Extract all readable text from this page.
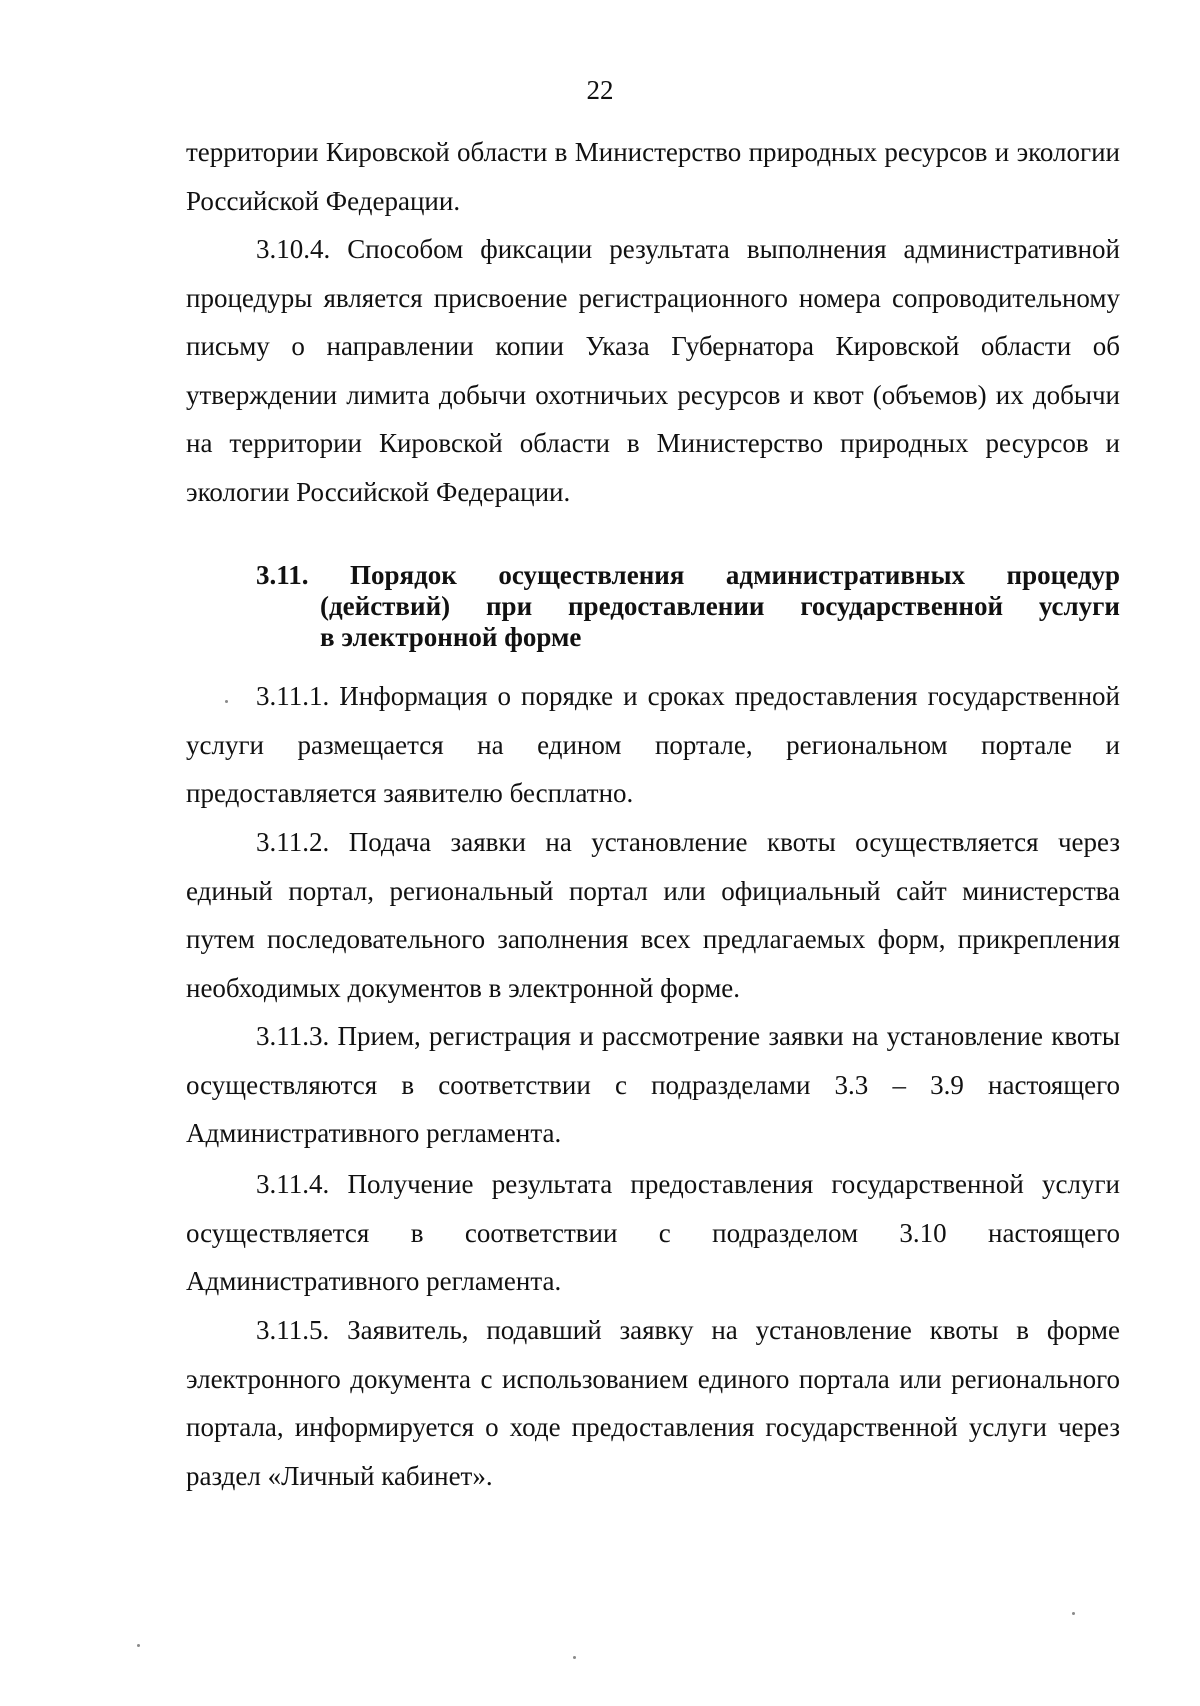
22

территории Кировской области в Министерство природных ресурсов и экологии Российской Федерации.

3.10.4. Способом фиксации результата выполнения административной процедуры является присвоение регистрационного номера сопроводительному письму о направлении копии Указа Губернатора Кировской области об утверждении лимита добычи охотничьих ресурсов и квот (объемов) их добычи на территории Кировской области в Министерство природных ресурсов и экологии Российской Федерации.

3.11. Порядок осуществления административных процедур
(действий) при предоставлении государственной услуги
в электронной форме

3.11.1. Информация о порядке и сроках предоставления государственной услуги размещается на едином портале, региональном портале и предоставляется заявителю бесплатно.

3.11.2. Подача заявки на установление квоты осуществляется через единый портал, региональный портал или официальный сайт министерства путем последовательного заполнения всех предлагаемых форм, прикрепления необходимых документов в электронной форме.

3.11.3. Прием, регистрация и рассмотрение заявки на установление квоты осуществляются в соответствии с подразделами 3.3 – 3.9 настоящего Административного регламента.

3.11.4. Получение результата предоставления государственной услуги осуществляется в соответствии с подразделом 3.10 настоящего Административного регламента.

3.11.5. Заявитель, подавший заявку на установление квоты в форме электронного документа с использованием единого портала или регионального портала, информируется о ходе предоставления государственной услуги через раздел «Личный кабинет».
